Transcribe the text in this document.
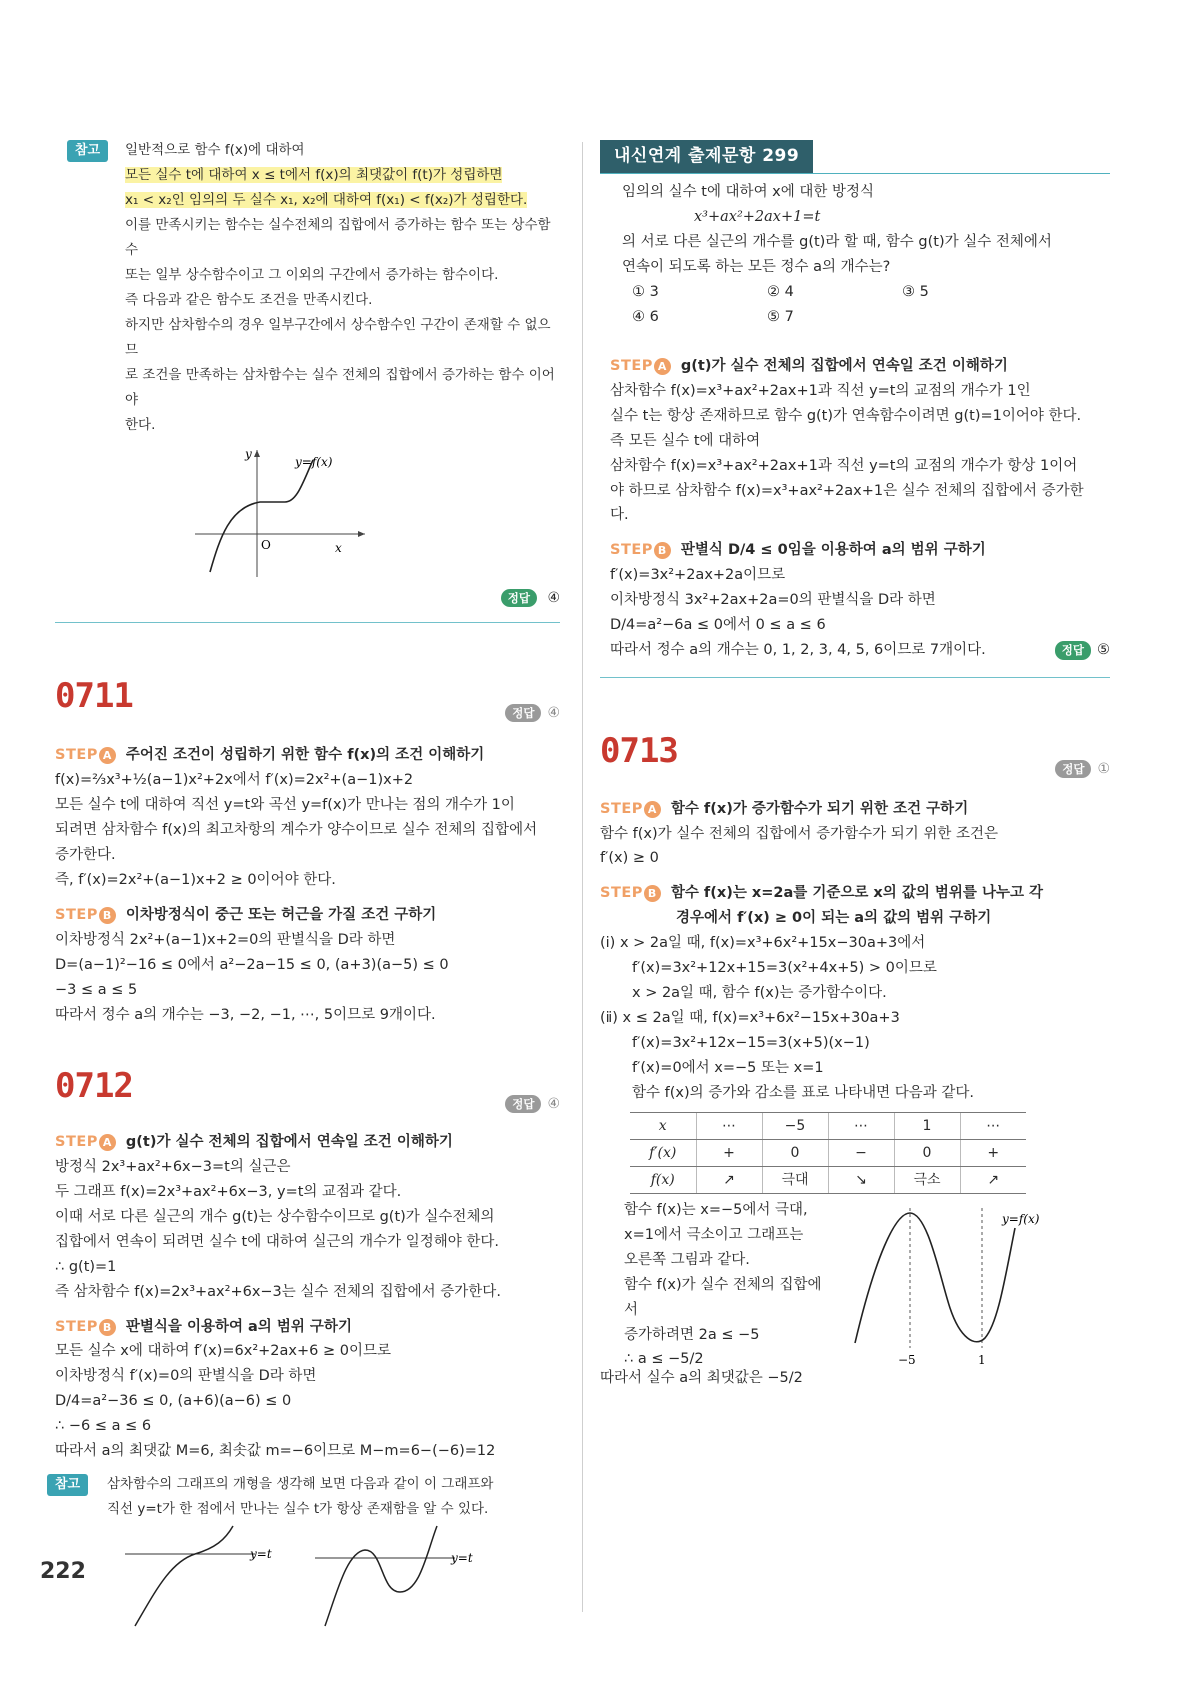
참고	일반적으로 함수 f(x)에 대하여

모든 실수 t에 대하여 x ≤ t에서 f(x)의 최댓값이 f(t)가 성립하면

x₁ < x₂인 임의의 두 실수 x₁, x₂에 대하여 f(x₁) < f(x₂)가 성립한다.

이를 만족시키는 함수는 실수전체의 집합에서 증가하는 함수 또는 상수함수

또는 일부 상수함수이고 그 이외의 구간에서 증가하는 함수이다.

즉 다음과 같은 함수도 조건을 만족시킨다.

하지만 삼차함수의 경우 일부구간에서 상수함수인 구간이 존재할 수 없으므

로 조건을 만족하는 삼차함수는 실수 전체의 집합에서 증가하는 함수 이어야

한다.

y
y=f(x)
O	x
정답 ④
0711	정답 ④
STEP A 주어진 조건이 성립하기 위한 함수 f(x)의 조건 이해하기

f(x)=⅔x³+½(a−1)x²+2x에서 f′(x)=2x²+(a−1)x+2

모든 실수 t에 대하여 직선 y=t와 곡선 y=f(x)가 만나는 점의 개수가 1이

되려면 삼차함수 f(x)의 최고차항의 계수가 양수이므로 실수 전체의 집합에서

증가한다.

즉, f′(x)=2x²+(a−1)x+2 ≥ 0이어야 한다.

STEP B 이차방정식이 중근 또는 허근을 가질 조건 구하기

이차방정식 2x²+(a−1)x+2=0의 판별식을 D라 하면

D=(a−1)²−16 ≤ 0에서 a²−2a−15 ≤ 0, (a+3)(a−5) ≤ 0

−3 ≤ a ≤ 5

따라서 정수 a의 개수는 −3, −2, −1, ⋯, 5이므로 9개이다.

0712	정답 ④
STEP A g(t)가 실수 전체의 집합에서 연속일 조건 이해하기

방정식 2x³+ax²+6x−3=t의 실근은

두 그래프 f(x)=2x³+ax²+6x−3, y=t의 교점과 같다.

이때 서로 다른 실근의 개수 g(t)는 상수함수이므로 g(t)가 실수전체의

집합에서 연속이 되려면 실수 t에 대하여 실근의 개수가 일정해야 한다.

∴ g(t)=1

즉 삼차함수 f(x)=2x³+ax²+6x−3는 실수 전체의 집합에서 증가한다.

STEP B 판별식을 이용하여 a의 범위 구하기

모든 실수 x에 대하여 f′(x)=6x²+2ax+6 ≥ 0이므로

이차방정식 f′(x)=0의 판별식을 D라 하면

D/4=a²−36 ≤ 0, (a+6)(a−6) ≤ 0

∴ −6 ≤ a ≤ 6

따라서 a의 최댓값 M=6, 최솟값 m=−6이므로 M−m=6−(−6)=12

참고	삼차함수의 그래프의 개형을 생각해 보면 다음과 같이 이 그래프와

직선 y=t가 한 점에서 만나는 실수 t가 항상 존재함을 알 수 있다.

y=t	y=t
내신연계 출제문항 299

임의의 실수 t에 대하여 x에 대한 방정식

x³+ax²+2ax+1=t

의 서로 다른 실근의 개수를 g(t)라 할 때, 함수 g(t)가 실수 전체에서

연속이 되도록 하는 모든 정수 a의 개수는?

① 3	② 4	③ 5
④ 6	⑤ 7
STEP A g(t)가 실수 전체의 집합에서 연속일 조건 이해하기

삼차함수 f(x)=x³+ax²+2ax+1과 직선 y=t의 교점의 개수가 1인

실수 t는 항상 존재하므로 함수 g(t)가 연속함수이려면 g(t)=1이어야 한다.

즉 모든 실수 t에 대하여

삼차함수 f(x)=x³+ax²+2ax+1과 직선 y=t의 교점의 개수가 항상 1이어

야 하므로 삼차함수 f(x)=x³+ax²+2ax+1은 실수 전체의 집합에서 증가한

다.

STEP B 판별식 D/4 ≤ 0임을 이용하여 a의 범위 구하기

f′(x)=3x²+2ax+2a이므로

이차방정식 3x²+2ax+2a=0의 판별식을 D라 하면

D/4=a²−6a ≤ 0에서 0 ≤ a ≤ 6

따라서 정수 a의 개수는 0, 1, 2, 3, 4, 5, 6이므로 7개이다.	정답 ⑤

0713	정답 ①
STEP A 함수 f(x)가 증가함수가 되기 위한 조건 구하기

함수 f(x)가 실수 전체의 집합에서 증가함수가 되기 위한 조건은

f′(x) ≥ 0

STEP B 함수 f(x)는 x=2a를 기준으로 x의 값의 범위를 나누고 각
경우에서 f′(x) ≥ 0이 되는 a의 값의 범위 구하기

(ⅰ) x > 2a일 때, f(x)=x³+6x²+15x−30a+3에서

f′(x)=3x²+12x+15=3(x²+4x+5) > 0이므로

x > 2a일 때, 함수 f(x)는 증가함수이다.

(ⅱ) x ≤ 2a일 때, f(x)=x³+6x²−15x+30a+3

f′(x)=3x²+12x−15=3(x+5)(x−1)

f′(x)=0에서 x=−5 또는 x=1

함수 f(x)의 증가와 감소를 표로 나타내면 다음과 같다.

x	⋯	−5	⋯	1	⋯
f′(x)	+	0	−	0	+
f(x)	↗	극대	↘	극소	↗

함수 f(x)는 x=−5에서 극대,

x=1에서 극소이고 그래프는

오른쪽 그림과 같다.

함수 f(x)가 실수 전체의 집합에서

증가하려면 2a ≤ −5

∴ a ≤ −5/2

y=f(x)
−5	1

따라서 실수 a의 최댓값은 −5/2

222
